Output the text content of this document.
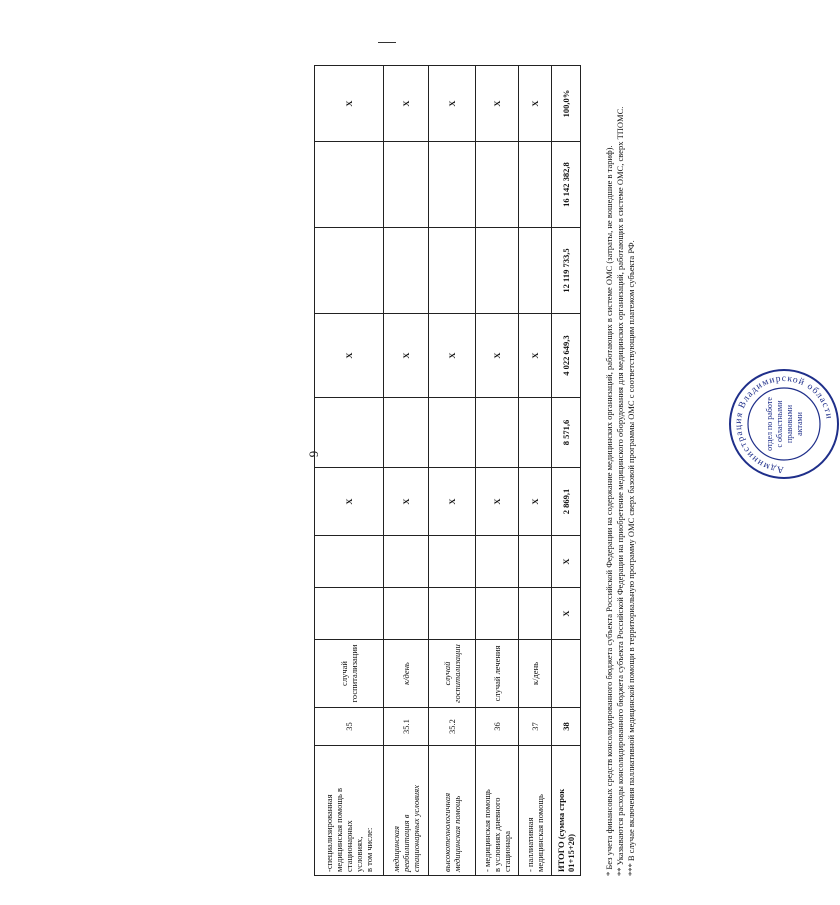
6
-специализированная медицинская помощь в стационарных условиях, в том числе:	35	случай госпитализации			X		X			X

медицинская реабилитация в стационарных условиях	35.1	к/день			X		X			X

высокотехнологичная медицинская помощь	35.2	случай госпитализации			X		X			X

- медицинская помощь в условиях дневного стационара	36	случай лечения			X		X			X

- паллиативная медицинская помощь	37	к/день			X		X			X

ИТОГО (сумма строк 01+15+20)	38		X	X	2 869,1	8 571,6	4 022 649,3	12 119 733,5	16 142 382,8	100,0%

* Без учета финансовых средств консолидированного бюджета субъекта Российской Федерации на содержание медицинских организаций, работающих в системе ОМС (затраты, не вошедшие в тариф). ** Указываются расходы консолидированного бюджета субъекта Российской Федерации на приобретение медицинского оборудования для медицинских организаций, работающих в системе ОМС, сверх ТПОМС. *** В случае включения паллиативной медицинской помощи в территориальную программу ОМС сверх базовой программы ОМС с соответствующим платежом субъекта РФ.	Администрация Владимирской области
отдел по работе с областными правовыми актами
